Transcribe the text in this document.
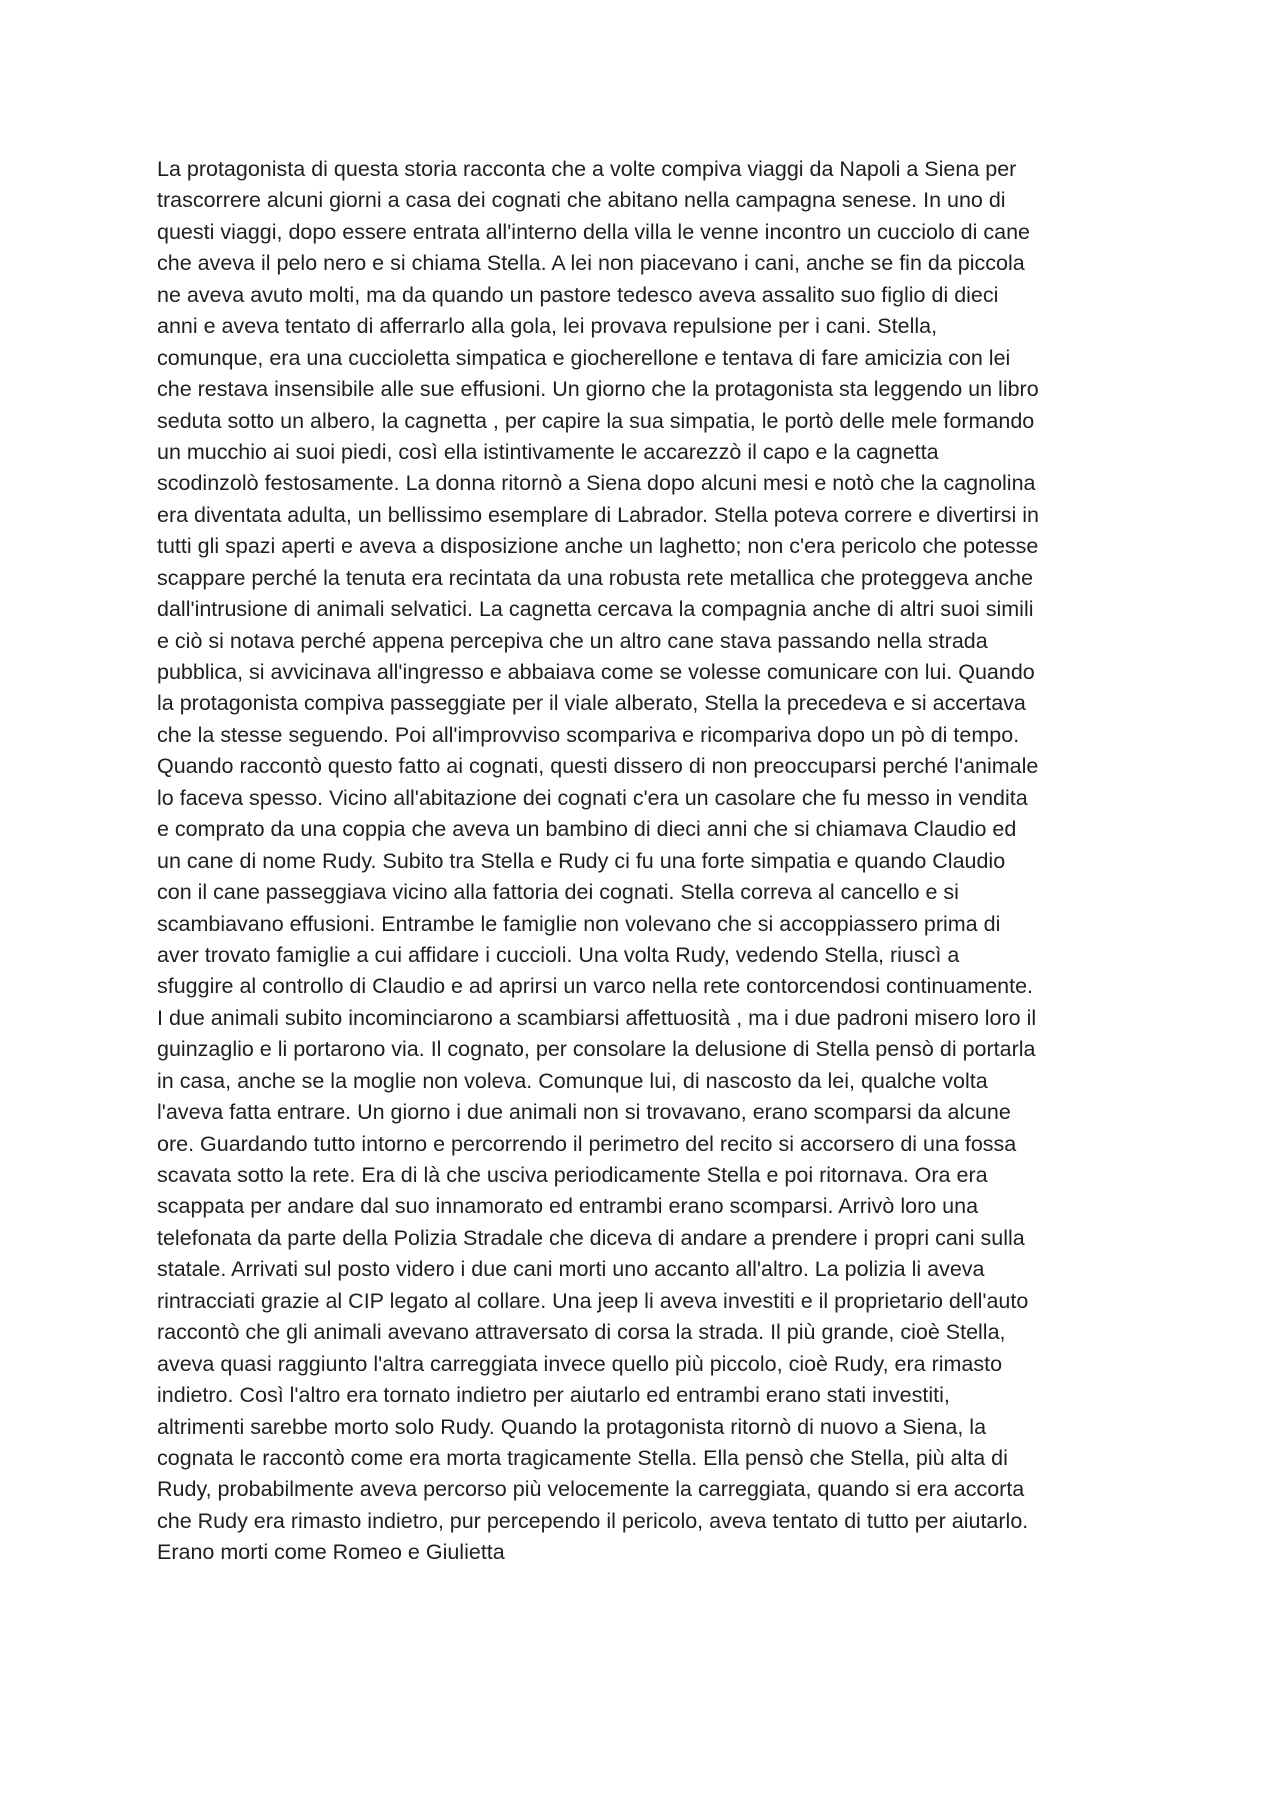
La protagonista di questa storia racconta che a volte compiva viaggi da Napoli a Siena per
trascorrere alcuni giorni a casa dei cognati che abitano nella campagna senese. In uno di
questi viaggi, dopo essere entrata all'interno della villa le venne incontro un cucciolo di cane
che aveva il pelo nero e si chiama Stella. A lei non piacevano i cani, anche se fin da piccola
ne aveva avuto molti, ma da quando un pastore tedesco aveva assalito suo figlio di dieci
anni e aveva tentato di afferrarlo alla gola, lei provava repulsione per i cani. Stella,
comunque, era una cuccioletta simpatica e giocherellone e tentava di fare amicizia con lei
che restava insensibile alle sue effusioni. Un giorno che la protagonista sta leggendo un libro
seduta sotto un albero, la cagnetta , per capire la sua simpatia, le portò delle mele formando
un mucchio ai suoi piedi, così ella istintivamente le accarezzò il capo e la cagnetta
scodinzolò festosamente. La donna ritornò a Siena dopo alcuni mesi e notò che la cagnolina
era diventata adulta, un bellissimo esemplare di Labrador. Stella poteva correre e divertirsi in
tutti gli spazi aperti e aveva a disposizione anche un laghetto; non c'era pericolo che potesse
scappare perché la tenuta era recintata da una robusta rete metallica che proteggeva anche
dall'intrusione di animali selvatici. La cagnetta cercava la compagnia anche di altri suoi simili
e ciò si notava perché appena percepiva che un altro cane stava passando nella strada
pubblica, si avvicinava all'ingresso e abbaiava come se volesse comunicare con lui. Quando
la protagonista compiva passeggiate per il viale alberato, Stella la precedeva e si accertava
che la stesse seguendo. Poi all'improvviso scompariva e ricompariva dopo un pò di tempo.
Quando raccontò questo fatto ai cognati, questi dissero di non preoccuparsi perché l'animale
lo faceva spesso. Vicino all'abitazione dei cognati c'era un casolare che fu messo in vendita
e comprato da una coppia che aveva un bambino di dieci anni che si chiamava Claudio ed
un cane di nome Rudy. Subito tra Stella e Rudy ci fu una forte simpatia e quando Claudio
con il cane passeggiava vicino alla fattoria dei cognati. Stella correva al cancello e si
scambiavano effusioni. Entrambe le famiglie non volevano che si accoppiassero prima di
aver trovato famiglie a cui affidare i cuccioli. Una volta Rudy, vedendo Stella, riuscì a
sfuggire al controllo di Claudio e ad aprirsi un varco nella rete contorcendosi continuamente.
I due animali subito incominciarono a scambiarsi affettuosità , ma i due padroni misero loro il
guinzaglio e li portarono via. Il cognato, per consolare la delusione di Stella pensò di portarla
in casa, anche se la moglie non voleva. Comunque lui, di nascosto da lei, qualche volta
l'aveva fatta entrare. Un giorno i due animali non si trovavano, erano scomparsi da alcune
ore. Guardando tutto intorno e percorrendo il perimetro del recito si accorsero di una fossa
scavata sotto la rete. Era di là che usciva periodicamente Stella e poi ritornava. Ora era
scappata per andare dal suo innamorato ed entrambi erano scomparsi. Arrivò loro una
telefonata da parte della Polizia Stradale che diceva di andare a prendere i propri cani sulla
statale. Arrivati sul posto videro i due cani morti uno accanto all'altro. La polizia li aveva
rintracciati grazie al CIP legato al collare. Una jeep li aveva investiti e il proprietario dell'auto
raccontò che gli animali avevano attraversato di corsa la strada. Il più grande, cioè Stella,
aveva quasi raggiunto l'altra carreggiata invece quello più piccolo, cioè Rudy, era rimasto
indietro. Così l'altro era tornato indietro per aiutarlo ed entrambi erano stati investiti,
altrimenti sarebbe morto solo Rudy. Quando la protagonista ritornò di nuovo a Siena, la
cognata le raccontò come era morta tragicamente Stella. Ella pensò che Stella, più alta di
Rudy, probabilmente aveva percorso più velocemente la carreggiata, quando si era accorta
che Rudy era rimasto indietro, pur percependo il pericolo, aveva tentato di tutto per aiutarlo.
Erano morti come Romeo e Giulietta
